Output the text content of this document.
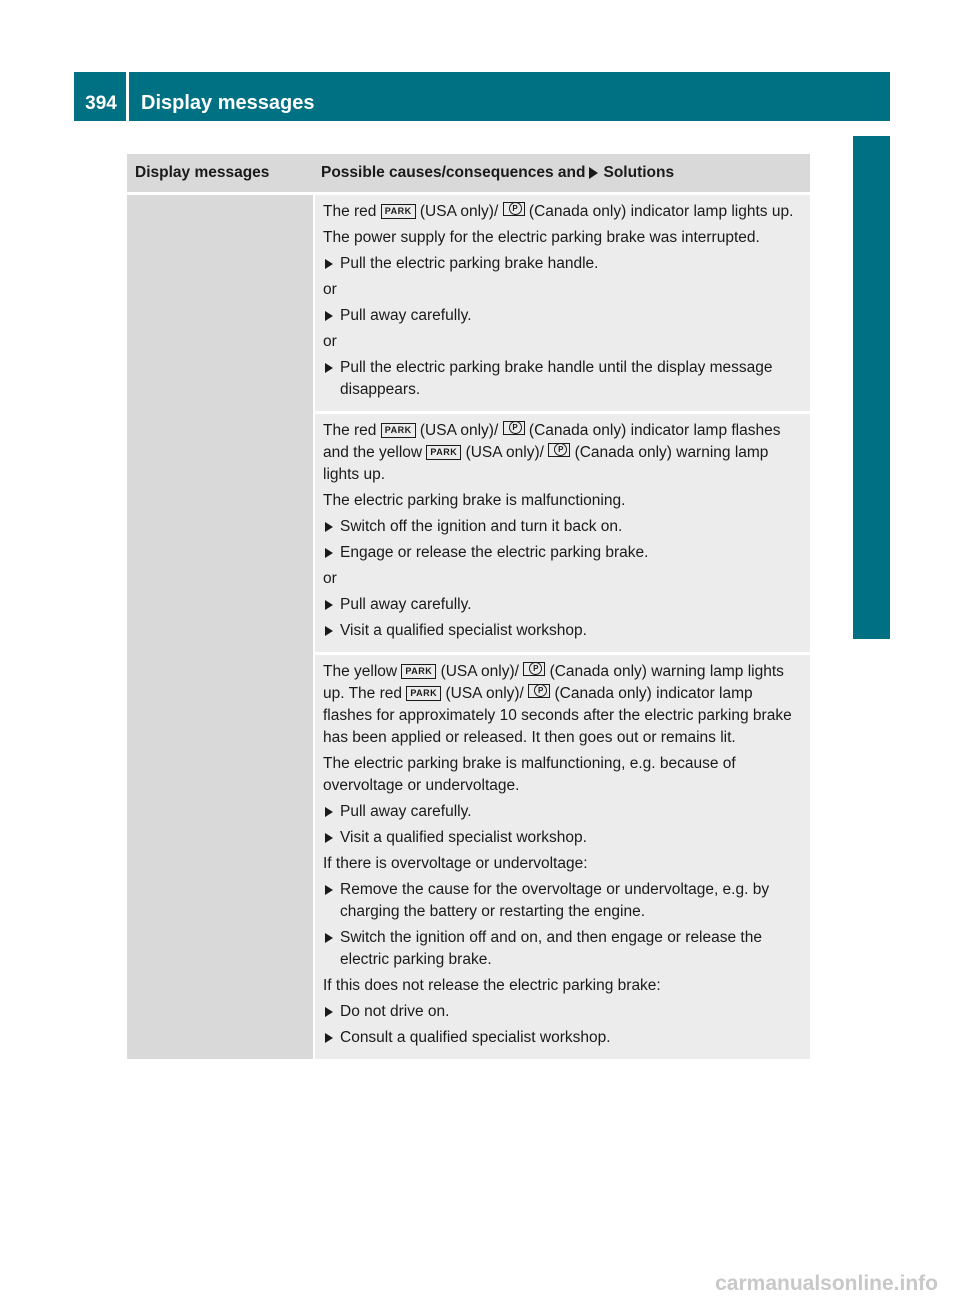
394	Display messages
On-board computer and displays
Display messages	Possible causes/consequences and Solutions

The red PARK (USA only)/ P (Canada only) indicator lamp lights up.

The power supply for the electric parking brake was interrupted.

Pull the electric parking brake handle.
or
Pull away carefully.
or
Pull the electric parking brake handle until the display message disappears.

The red PARK (USA only)/ P (Canada only) indicator lamp flashes and the yellow PARK (USA only)/ P (Canada only) warning lamp lights up.

The electric parking brake is malfunctioning.

Switch off the ignition and turn it back on.
Engage or release the electric parking brake.
or
Pull away carefully.
Visit a qualified specialist workshop.

The yellow PARK (USA only)/ P (Canada only) warning lamp lights up. The red PARK (USA only)/ P (Canada only) indicator lamp flashes for approximately 10 seconds after the electric parking brake has been applied or released. It then goes out or remains lit.

The electric parking brake is malfunctioning, e.g. because of overvoltage or undervoltage.

Pull away carefully.
Visit a qualified specialist workshop.

If there is overvoltage or undervoltage:

Remove the cause for the overvoltage or undervoltage, e.g. by charging the battery or restarting the engine.
Switch the ignition off and on, and then engage or release the electric parking brake.

If this does not release the electric parking brake:

Do not drive on.
Consult a qualified specialist workshop.
carmanualsonline.info
